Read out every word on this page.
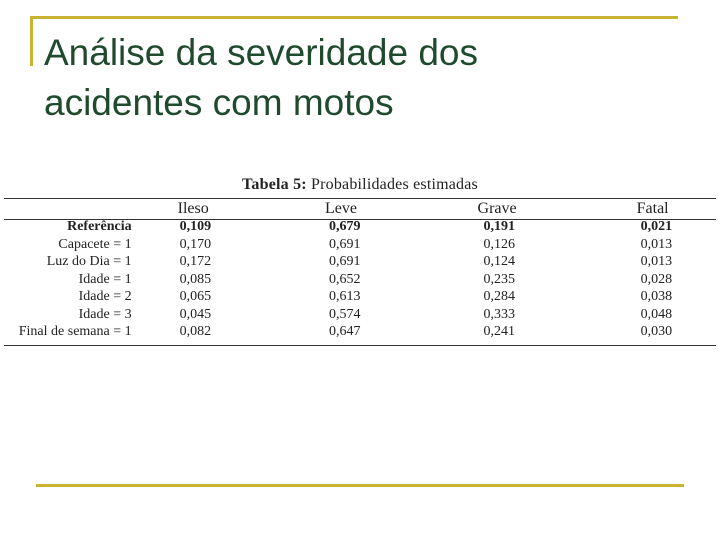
Análise da severidade dos
acidentes com motos
Tabela 5: Probabilidades estimadas
	Ileso	Leve	Grave	Fatal
Referência	0,109	0,679	0,191	0,021
Capacete = 1	0,170	0,691	0,126	0,013
Luz do Dia = 1	0,172	0,691	0,124	0,013
Idade = 1	0,085	0,652	0,235	0,028
Idade = 2	0,065	0,613	0,284	0,038
Idade = 3	0,045	0,574	0,333	0,048
Final de semana = 1	0,082	0,647	0,241	0,030
